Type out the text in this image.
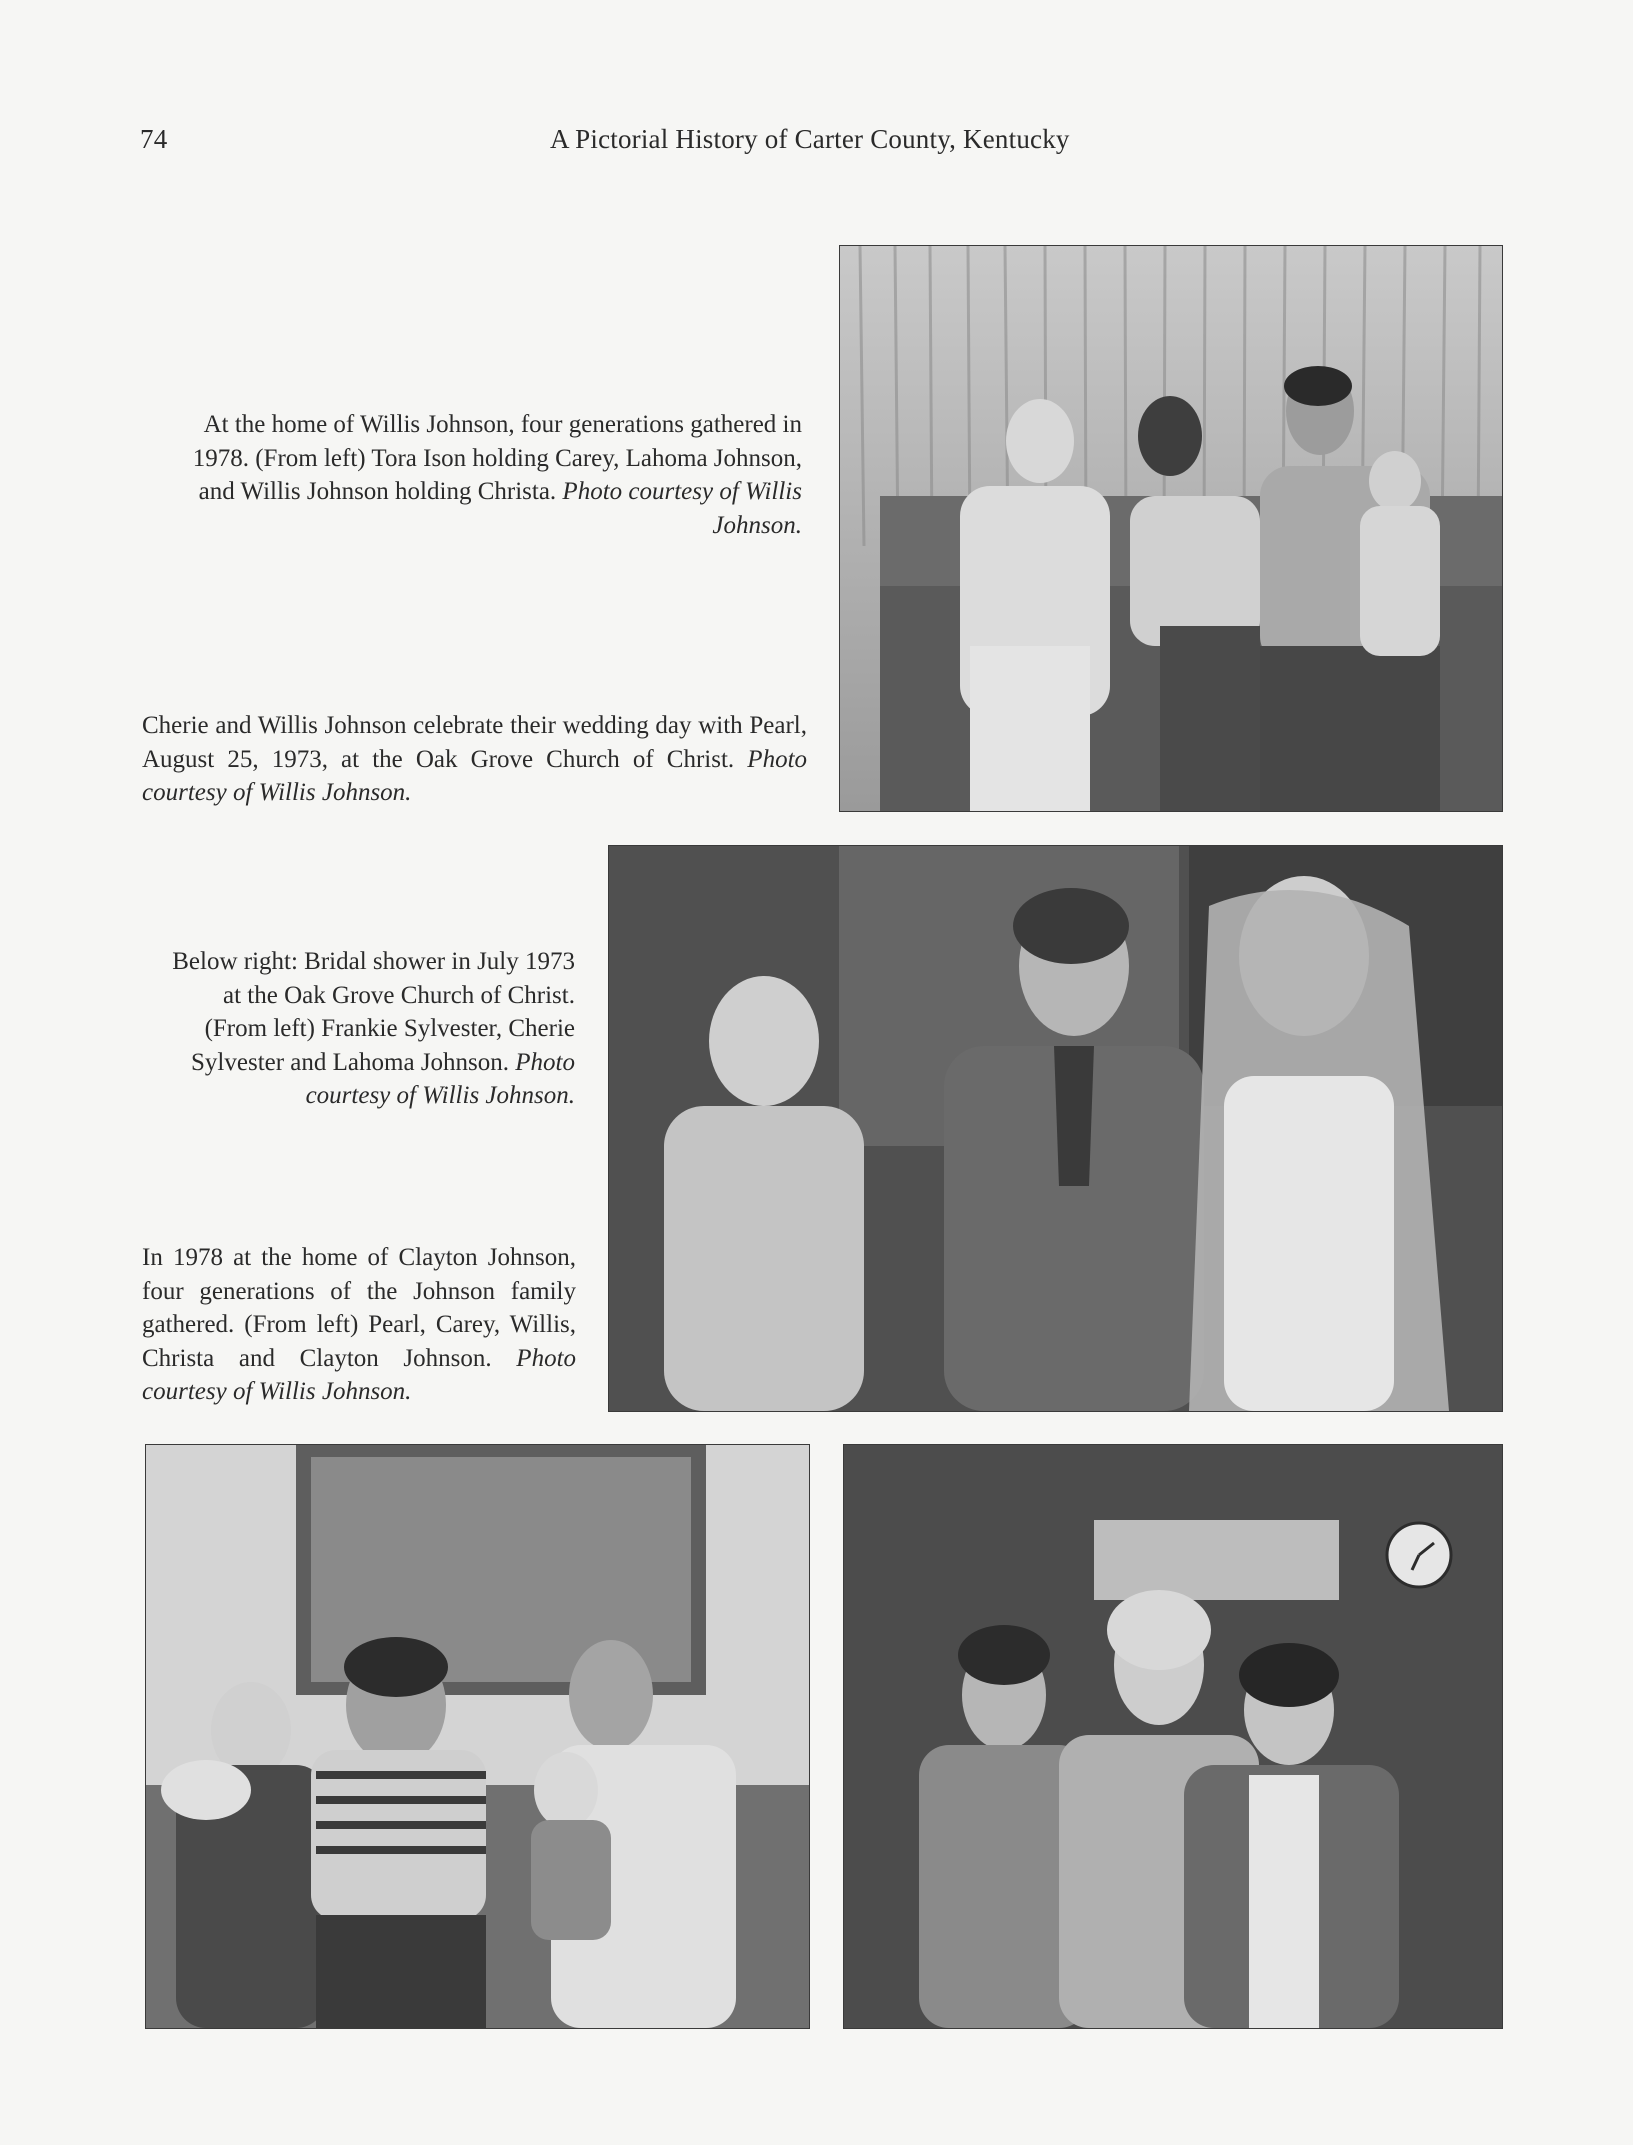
74	A Pictorial History of Carter County, Kentucky

At the home of Willis Johnson, four generations gathered in 1978. (From left) Tora Ison holding Carey, Lahoma Johnson, and Willis Johnson holding Christa. Photo courtesy of Willis Johnson.

Cherie and Willis Johnson celebrate their wedding day with Pearl, August 25, 1973, at the Oak Grove Church of Christ. Photo courtesy of Willis Johnson.

Below right: Bridal shower in July 1973 at the Oak Grove Church of Christ. (From left) Frankie Sylvester, Cherie Sylvester and Lahoma Johnson. Photo courtesy of Willis Johnson.

In 1978 at the home of Clayton Johnson, four generations of the Johnson family gathered. (From left) Pearl, Carey, Willis, Christa and Clayton Johnson. Photo courtesy of Willis Johnson.
